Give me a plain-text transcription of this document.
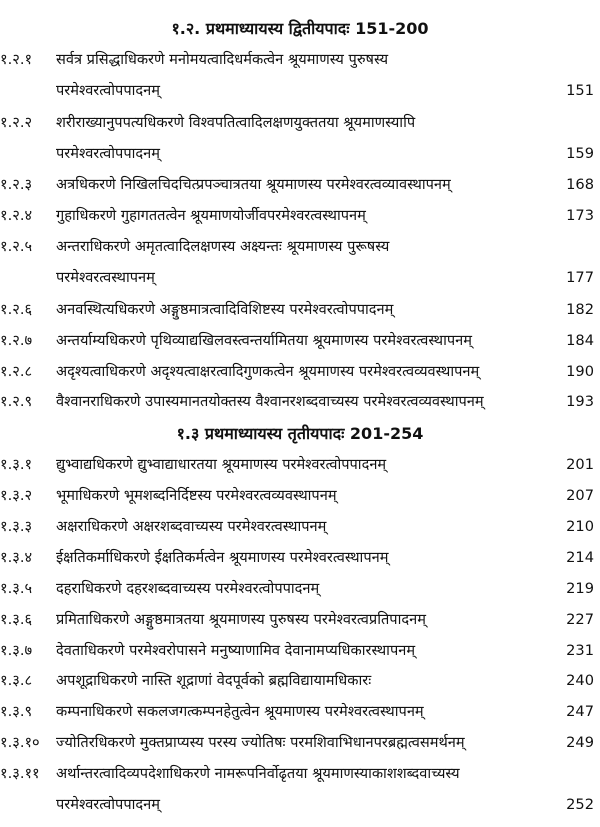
१.२. प्रथमाध्यायस्य द्वितीयपादः 151-200
१.२.१ सर्वत्र प्रसिद्धाधिकरणे मनोमयत्वादिधर्मकत्वेन श्रूयमाणस्य पुरुषस्य
परमेश्वरत्वोपपादनम्	151
१.२.२ शरीराख्यानुपपत्यधिकरणे विश्वपतित्वादिलक्षणयुक्ततया श्रूयमाणस्यापि
परमेश्वरत्वोपपादनम्	159
१.२.३ अत्रधिकरणे निखिलचिदचित्प्रपञ्चात्रतया श्रूयमाणस्य परमेश्वरत्वव्यावस्थापनम्	168
१.२.४ गुहाधिकरणे गुहागततत्वेन श्रूयमाणयोर्जीवपरमेश्वरत्वस्थापनम्	173
१.२.५ अन्तराधिकरणे अमृतत्वादिलक्षणस्य अक्ष्यन्तः श्रूयमाणस्य पुरूषस्य
परमेश्वरत्वस्थापनम्	177
१.२.६ अनवस्थित्यधिकरणे अङ्गुष्ठमात्रत्वादिविशिष्टस्य परमेश्वरत्वोपपादनम्	182
१.२.७ अन्तर्याम्यधिकरणे पृथिव्याद्यखिलवस्त्वन्तर्यामितया श्रूयमाणस्य परमेश्वरत्वस्थापनम्	184
१.२.८ अदृश्यत्वाधिकरणे अदृश्यत्वाक्षरत्वादिगुणकत्वेन श्रूयमाणस्य परमेश्वरत्वव्यवस्थापनम्	190
१.२.९ वैश्वानराधिकरणे उपास्यमानतयोक्तस्य वैश्वानरशब्दवाच्यस्य परमेश्वरत्वव्यवस्थापनम्	193
१.३ प्रथमाध्यायस्य तृतीयपादः 201-254
१.३.१ द्युभ्वाद्यधिकरणे द्युभ्वाद्याधारतया श्रूयमाणस्य परमेश्वरत्वोपपादनम्	201
१.३.२ भूमाधिकरणे भूमशब्दनिर्दिष्टस्य परमेश्वरत्वव्यवस्थापनम्	207
१.३.३ अक्षराधिकरणे अक्षरशब्दवाच्यस्य परमेश्वरत्वस्थापनम्	210
१.३.४ ईक्षतिकर्माधिकरणे ईक्षतिकर्मत्वेन श्रूयमाणस्य परमेश्वरत्वस्थापनम्	214
१.३.५ दहराधिकरणे दहरशब्दवाच्यस्य परमेश्वरत्वोपपादनम्	219
१.३.६ प्रमिताधिकरणे अङ्गुष्ठमात्रतया श्रूयमाणस्य पुरुषस्य परमेश्वरत्वप्रतिपादनम्	227
१.३.७ देवताधिकरणे परमेश्वरोपासने मनुष्याणामिव देवानामप्यधिकारस्थापनम्	231
१.३.८ अपशूद्राधिकरणे नास्ति शूद्राणां वेदपूर्वको ब्रह्मविद्यायामधिकारः	240
१.३.९ कम्पनाधिकरणे सकलजगत्कम्पनहेतुत्वेन श्रूयमाणस्य परमेश्वरत्वस्थापनम्	247
१.३.१० ज्योतिरधिकरणे मुक्तप्राप्यस्य परस्य ज्योतिषः परमशिवाभिधानपरब्रह्मत्वसमर्थनम्	249
१.३.११ अर्थान्तरत्वादिव्यपदेशाधिकरणे नामरूपनिर्वोढृतया श्रूयमाणस्याकाशशब्दवाच्यस्य
परमेश्वरत्वोपपादनम्	252
